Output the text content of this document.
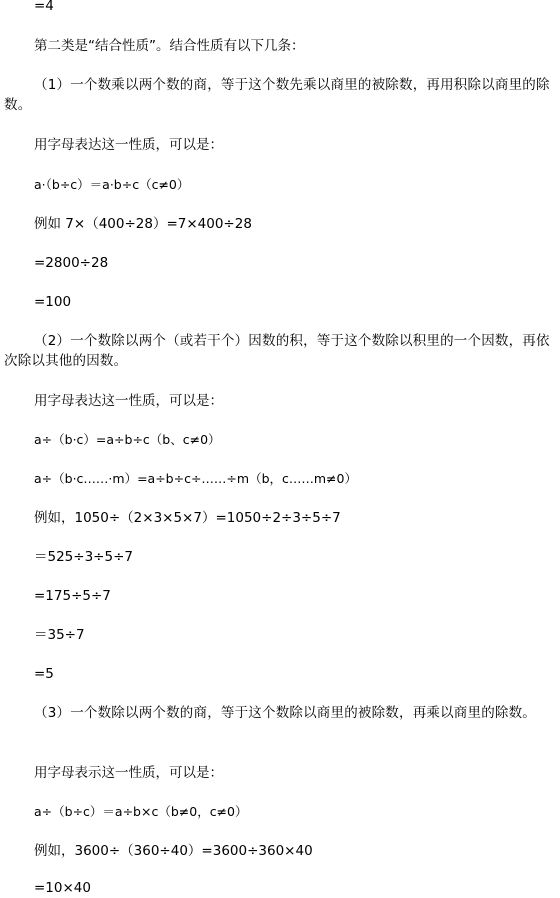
=4
第二类是“结合性质”。结合性质有以下几条：
（1）一个数乘以两个数的商，等于这个数先乘以商里的被除数，再用积除以商里的除数。
用字母表达这一性质，可以是：
a·（b÷c）＝a·b÷c（c≠0）
例如 7×（400÷28）=7×400÷28
=2800÷28
=100
（2）一个数除以两个（或若干个）因数的积，等于这个数除以积里的一个因数，再依次除以其他的因数。
用字母表达这一性质，可以是：
a÷（b·c）=a÷b÷c（b、c≠0）
a÷（b·c……·m）=a÷b÷c÷……÷m（b，c……m≠0）
例如，1050÷（2×3×5×7）=1050÷2÷3÷5÷7
＝525÷3÷5÷7
=175÷5÷7
＝35÷7
=5
（3）一个数除以两个数的商，等于这个数除以商里的被除数，再乘以商里的除数。
用字母表示这一性质，可以是：
a÷（b÷c）＝a÷b×c（b≠0，c≠0）
例如，3600÷（360÷40）=3600÷360×40
=10×40
